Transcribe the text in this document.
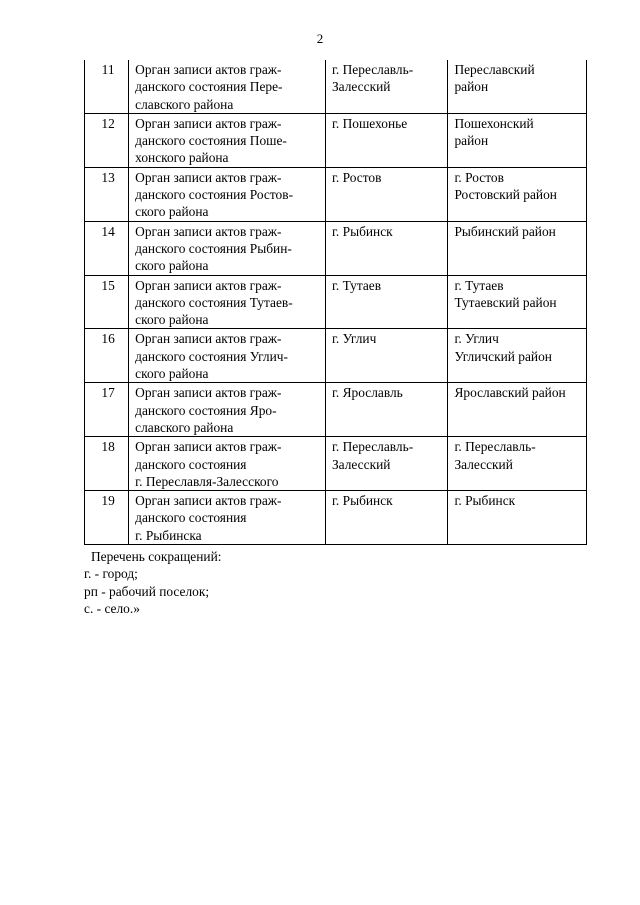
2
11	Орган записи актов граж-
данского состояния Пере-
славского района	г. Переславль-
Залесский	Переславский
район

12	Орган записи актов граж-
данского состояния Поше-
хонского района	г. Пошехонье	Пошехонский
район

13	Орган записи актов граж-
данского состояния Ростов-
ского района	г. Ростов	г. Ростов
Ростовский район

14	Орган записи актов граж-
данского состояния Рыбин-
ского района	г. Рыбинск	Рыбинский район

15	Орган записи актов граж-
данского состояния Тутаев-
ского района	г. Тутаев	г. Тутаев
Тутаевский район

16	Орган записи актов граж-
данского состояния Углич-
ского района	г. Углич	г. Углич
Угличский район

17	Орган записи актов граж-
данского состояния Яро-
славского района	г. Ярославль	Ярославский район

18	Орган записи актов граж-
данского состояния
г. Переславля-Залесского	г. Переславль-
Залесский	г. Переславль-
Залесский

19	Орган записи актов граж-
данского состояния
г. Рыбинска	г. Рыбинск	г. Рыбинск
Перечень сокращений:
г. - город;
рп - рабочий поселок;
с. - село.»
